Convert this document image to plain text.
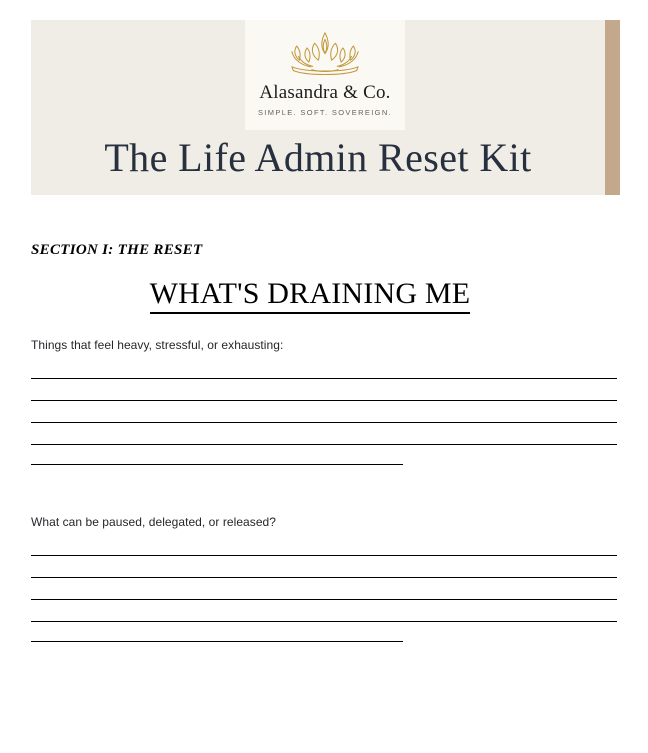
Alasandra & Co.
SIMPLE. SOFT. SOVEREIGN.
The Life Admin Reset Kit
SECTION I: THE RESET
WHAT'S DRAINING ME
Things that feel heavy, stressful, or exhausting:
What can be paused, delegated, or released?
